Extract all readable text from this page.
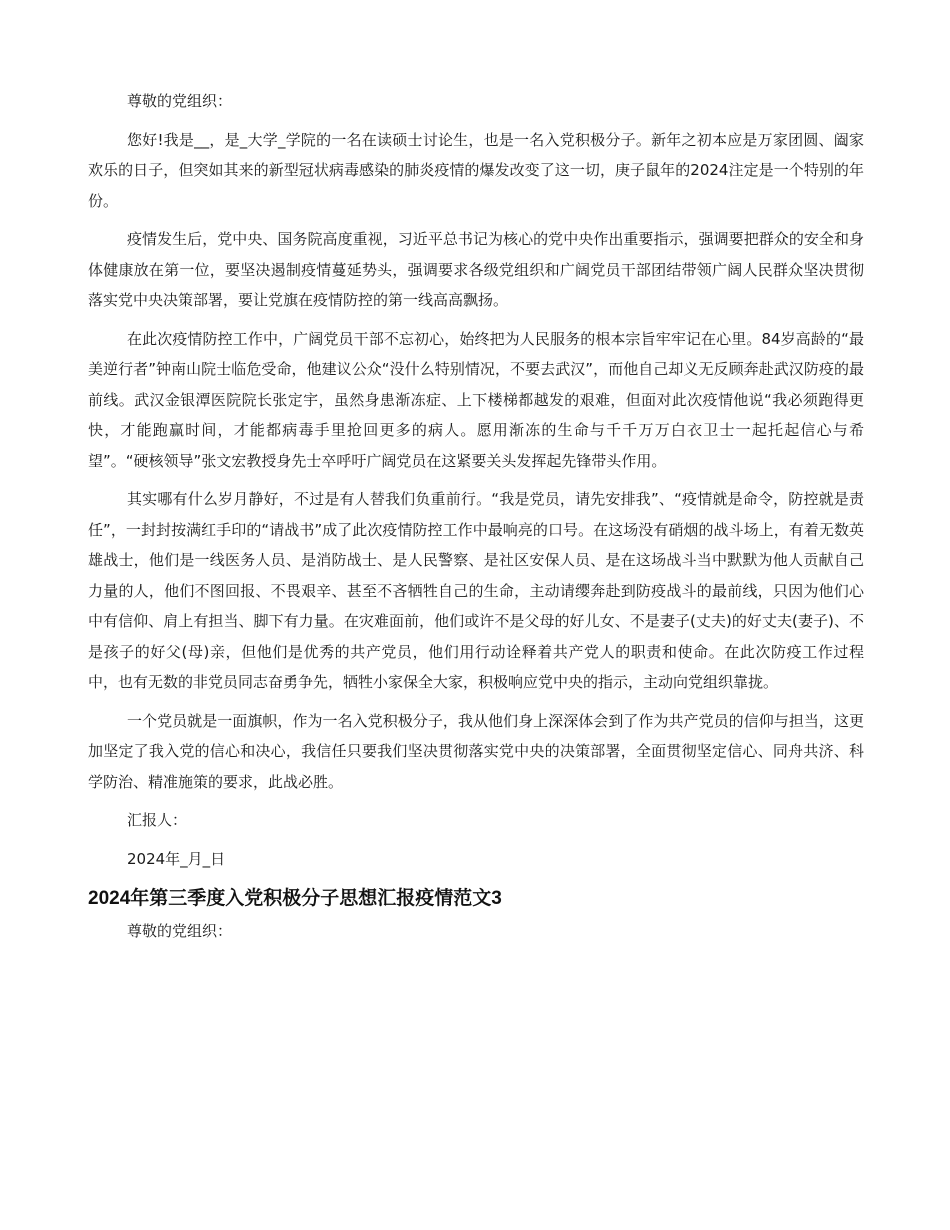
尊敬的党组织：

您好!我是__，是_大学_学院的一名在读硕士讨论生，也是一名入党积极分子。新年之初本应是万家团圆、阖家欢乐的日子，但突如其来的新型冠状病毒感染的肺炎疫情的爆发改变了这一切，庚子鼠年的2024注定是一个特别的年份。

疫情发生后，党中央、国务院高度重视，习近平总书记为核心的党中央作出重要指示，强调要把群众的安全和身体健康放在第一位，要坚决遏制疫情蔓延势头，强调要求各级党组织和广阔党员干部团结带领广阔人民群众坚决贯彻落实党中央决策部署，要让党旗在疫情防控的第一线高高飘扬。

在此次疫情防控工作中，广阔党员干部不忘初心，始终把为人民服务的根本宗旨牢牢记在心里。84岁高龄的“最美逆行者”钟南山院士临危受命，他建议公众“没什么特别情况，不要去武汉”，而他自己却义无反顾奔赴武汉防疫的最前线。武汉金银潭医院院长张定宇，虽然身患渐冻症、上下楼梯都越发的艰难，但面对此次疫情他说“我必须跑得更快，才能跑赢时间，才能都病毒手里抢回更多的病人。愿用渐冻的生命与千千万万白衣卫士一起托起信心与希望”。“硬核领导”张文宏教授身先士卒呼吁广阔党员在这紧要关头发挥起先锋带头作用。

其实哪有什么岁月静好，不过是有人替我们负重前行。“我是党员，请先安排我”、“疫情就是命令，防控就是责任”，一封封按满红手印的“请战书”成了此次疫情防控工作中最响亮的口号。在这场没有硝烟的战斗场上，有着无数英雄战士，他们是一线医务人员、是消防战士、是人民警察、是社区安保人员、是在这场战斗当中默默为他人贡献自己力量的人，他们不图回报、不畏艰辛、甚至不吝牺牲自己的生命，主动请缨奔赴到防疫战斗的最前线，只因为他们心中有信仰、肩上有担当、脚下有力量。在灾难面前，他们或许不是父母的好儿女、不是妻子(丈夫)的好丈夫(妻子)、不是孩子的好父(母)亲，但他们是优秀的共产党员，他们用行动诠释着共产党人的职责和使命。在此次防疫工作过程中，也有无数的非党员同志奋勇争先，牺牲小家保全大家，积极响应党中央的指示，主动向党组织靠拢。

一个党员就是一面旗帜，作为一名入党积极分子，我从他们身上深深体会到了作为共产党员的信仰与担当，这更加坚定了我入党的信心和决心，我信任只要我们坚决贯彻落实党中央的决策部署，全面贯彻坚定信心、同舟共济、科学防治、精准施策的要求，此战必胜。

汇报人：

2024年_月_日

2024年第三季度入党积极分子思想汇报疫情范文3

尊敬的党组织：
